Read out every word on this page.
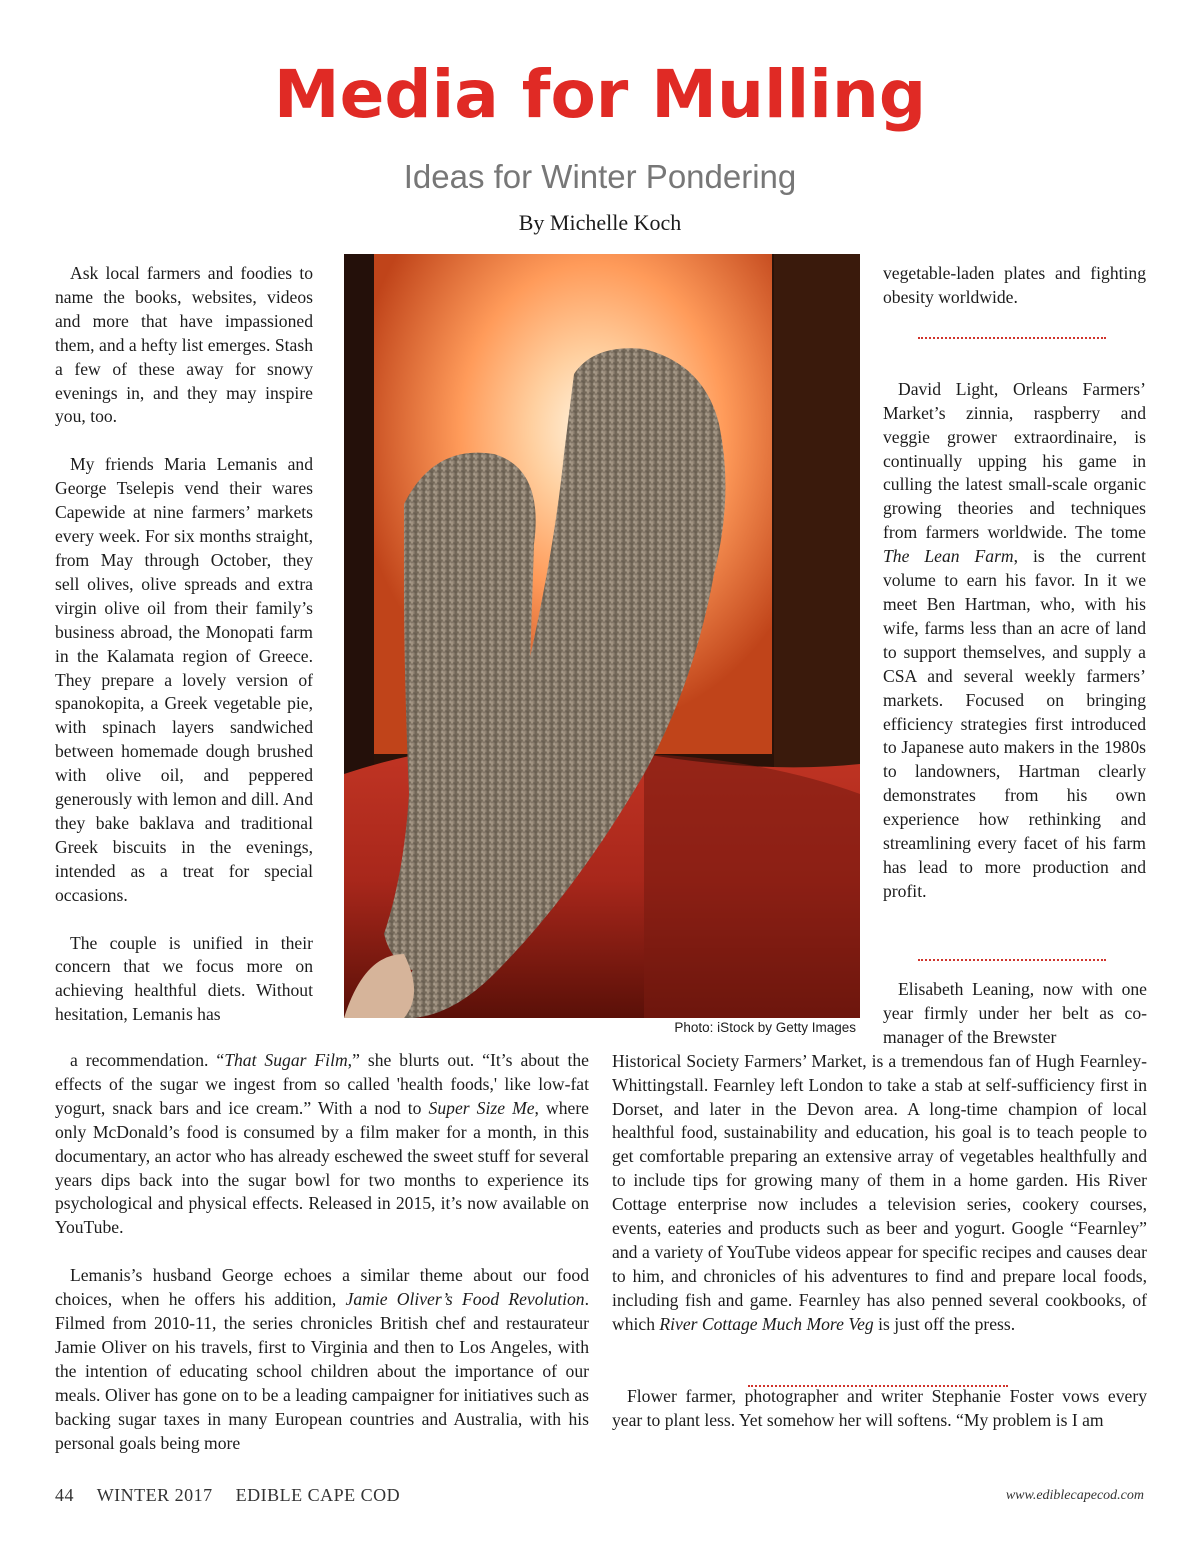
Media for Mulling
Ideas for Winter Pondering
By Michelle Koch

Ask local farmers and foodies to name the books, websites, videos and more that have impassioned them, and a hefty list emerges. Stash a few of these away for snowy evenings in, and they may inspire you, too.

My friends Maria Lemanis and George Tselepis vend their wares Capewide at nine farmers’ markets every week. For six months straight, from May through October, they sell olives, olive spreads and extra virgin olive oil from their family’s business abroad, the Monopati farm in the Kalamata region of Greece. They prepare a lovely version of spanokopita, a Greek vegetable pie, with spinach layers sandwiched between homemade dough brushed with olive oil, and peppered generously with lemon and dill. And they bake baklava and traditional Greek biscuits in the evenings, intended as a treat for special occasions.

The couple is unified in their concern that we focus more on achieving healthful diets. Without hesitation, Lemanis has

Photo: iStock by Getty Images

a recommendation. “That Sugar Film,” she blurts out. “It’s about the effects of the sugar we ingest from so called 'health foods,' like low-fat yogurt, snack bars and ice cream.” With a nod to Super Size Me, where only McDonald’s food is consumed by a film maker for a month, in this documentary, an actor who has already eschewed the sweet stuff for several years dips back into the sugar bowl for two months to experience its psychological and physical effects. Released in 2015, it’s now available on YouTube.

Lemanis’s husband George echoes a similar theme about our food choices, when he offers his addition, Jamie Oliver’s Food Revolution. Filmed from 2010-11, the series chronicles British chef and restaurateur Jamie Oliver on his travels, first to Virginia and then to Los Angeles, with the intention of educating school children about the importance of our meals. Oliver has gone on to be a leading campaigner for initiatives such as backing sugar taxes in many European countries and Australia, with his personal goals being more

vegetable-laden plates and fighting obesity worldwide.

David Light, Orleans Farmers’ Market’s zinnia, raspberry and veggie grower extraordinaire, is continually upping his game in culling the latest small-scale organic growing theories and techniques from farmers worldwide. The tome The Lean Farm, is the current volume to earn his favor. In it we meet Ben Hartman, who, with his wife, farms less than an acre of land to support themselves, and supply a CSA and several weekly farmers’ markets. Focused on bringing efficiency strategies first introduced to Japanese auto makers in the 1980s to landowners, Hartman clearly demonstrates from his own experience how rethinking and streamlining every facet of his farm has lead to more production and profit.

Elisabeth Leaning, now with one year firmly under her belt as co-manager of the Brewster

Historical Society Farmers’ Market, is a tremendous fan of Hugh Fearnley-Whittingstall. Fearnley left London to take a stab at self-sufficiency first in Dorset, and later in the Devon area. A long-time champion of local healthful food, sustainability and education, his goal is to teach people to get comfortable preparing an extensive array of vegetables healthfully and to include tips for growing many of them in a home garden. His River Cottage enterprise now includes a television series, cookery courses, events, eateries and products such as beer and yogurt. Google “Fearnley” and a variety of YouTube videos appear for specific recipes and causes dear to him, and chronicles of his adventures to find and prepare local foods, including fish and game. Fearnley has also penned several cookbooks, of which River Cottage Much More Veg is just off the press.

Flower farmer, photographer and writer Stephanie Foster vows every year to plant less. Yet somehow her will softens. “My problem is I am

44 WINTER 2017 EDIBLE CAPE COD	www.ediblecapecod.com
